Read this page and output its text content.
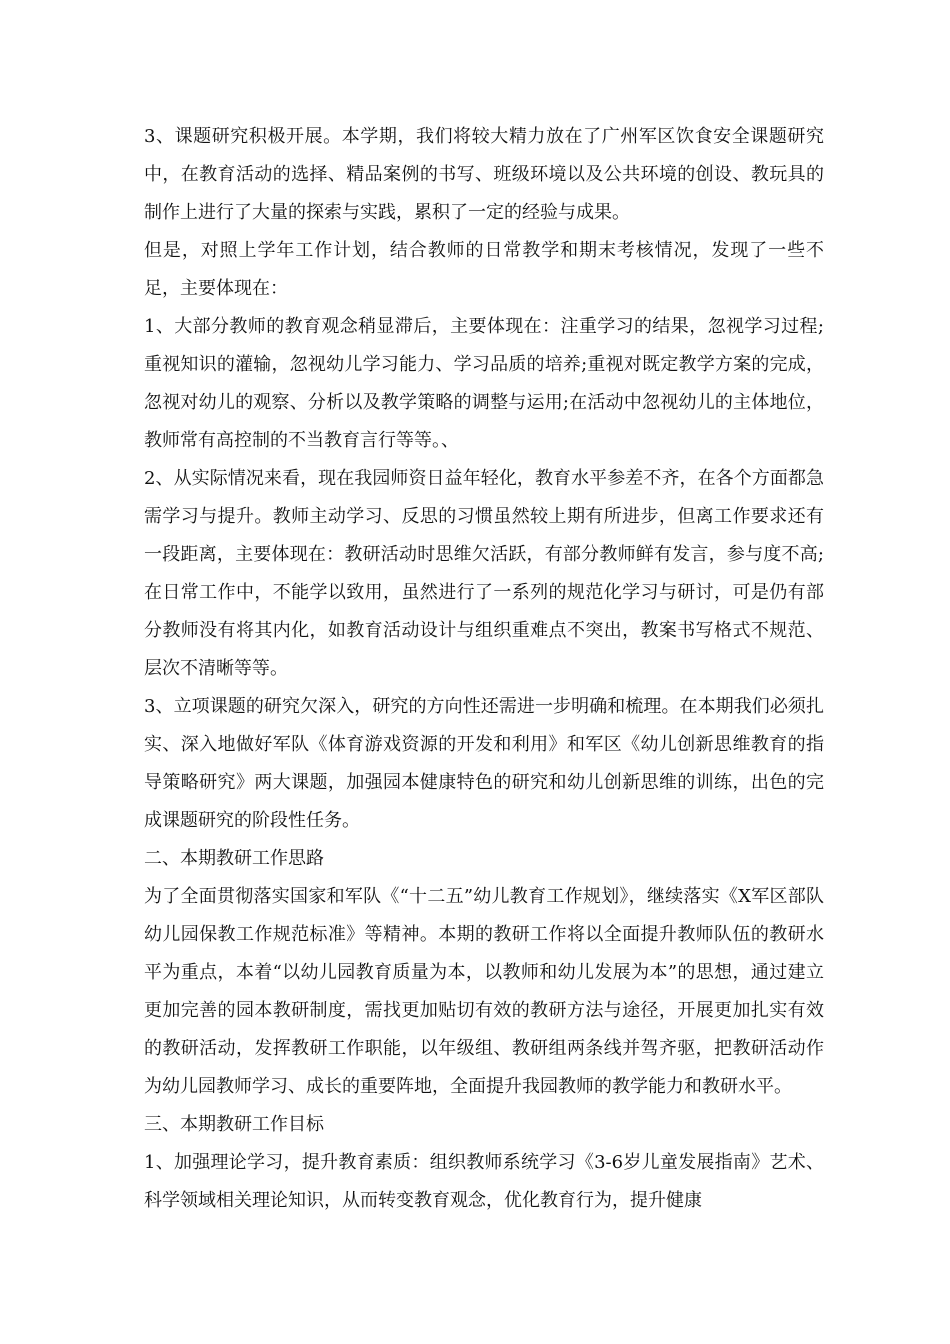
3、课题研究积极开展。本学期，我们将较大精力放在了广州军区饮食安全课题研究中，在教育活动的选择、精品案例的书写、班级环境以及公共环境的创设、教玩具的制作上进行了大量的探索与实践，累积了一定的经验与成果。

但是，对照上学年工作计划，结合教师的日常教学和期末考核情况，发现了一些不足，主要体现在：

1、大部分教师的教育观念稍显滞后，主要体现在：注重学习的结果，忽视学习过程;重视知识的灌输，忽视幼儿学习能力、学习品质的培养;重视对既定教学方案的完成，忽视对幼儿的观察、分析以及教学策略的调整与运用;在活动中忽视幼儿的主体地位，教师常有高控制的不当教育言行等等。、

2、从实际情况来看，现在我园师资日益年轻化，教育水平参差不齐，在各个方面都急需学习与提升。教师主动学习、反思的习惯虽然较上期有所进步，但离工作要求还有一段距离，主要体现在：教研活动时思维欠活跃，有部分教师鲜有发言，参与度不高;在日常工作中，不能学以致用，虽然进行了一系列的规范化学习与研讨，可是仍有部分教师没有将其内化，如教育活动设计与组织重难点不突出，教案书写格式不规范、层次不清晰等等。

3、立项课题的研究欠深入，研究的方向性还需进一步明确和梳理。在本期我们必须扎实、深入地做好军队《体育游戏资源的开发和利用》和军区《幼儿创新思维教育的指导策略研究》两大课题，加强园本健康特色的研究和幼儿创新思维的训练，出色的完成课题研究的阶段性任务。

二、本期教研工作思路

为了全面贯彻落实国家和军队《“十二五”幼儿教育工作规划》，继续落实《X军区部队幼儿园保教工作规范标准》等精神。本期的教研工作将以全面提升教师队伍的教研水平为重点，本着“以幼儿园教育质量为本，以教师和幼儿发展为本”的思想，通过建立更加完善的园本教研制度，需找更加贴切有效的教研方法与途径，开展更加扎实有效的教研活动，发挥教研工作职能，以年级组、教研组两条线并驾齐驱，把教研活动作为幼儿园教师学习、成长的重要阵地，全面提升我园教师的教学能力和教研水平。

三、本期教研工作目标

1、加强理论学习，提升教育素质：组织教师系统学习《3-6岁儿童发展指南》艺术、科学领域相关理论知识，从而转变教育观念，优化教育行为，提升健康
